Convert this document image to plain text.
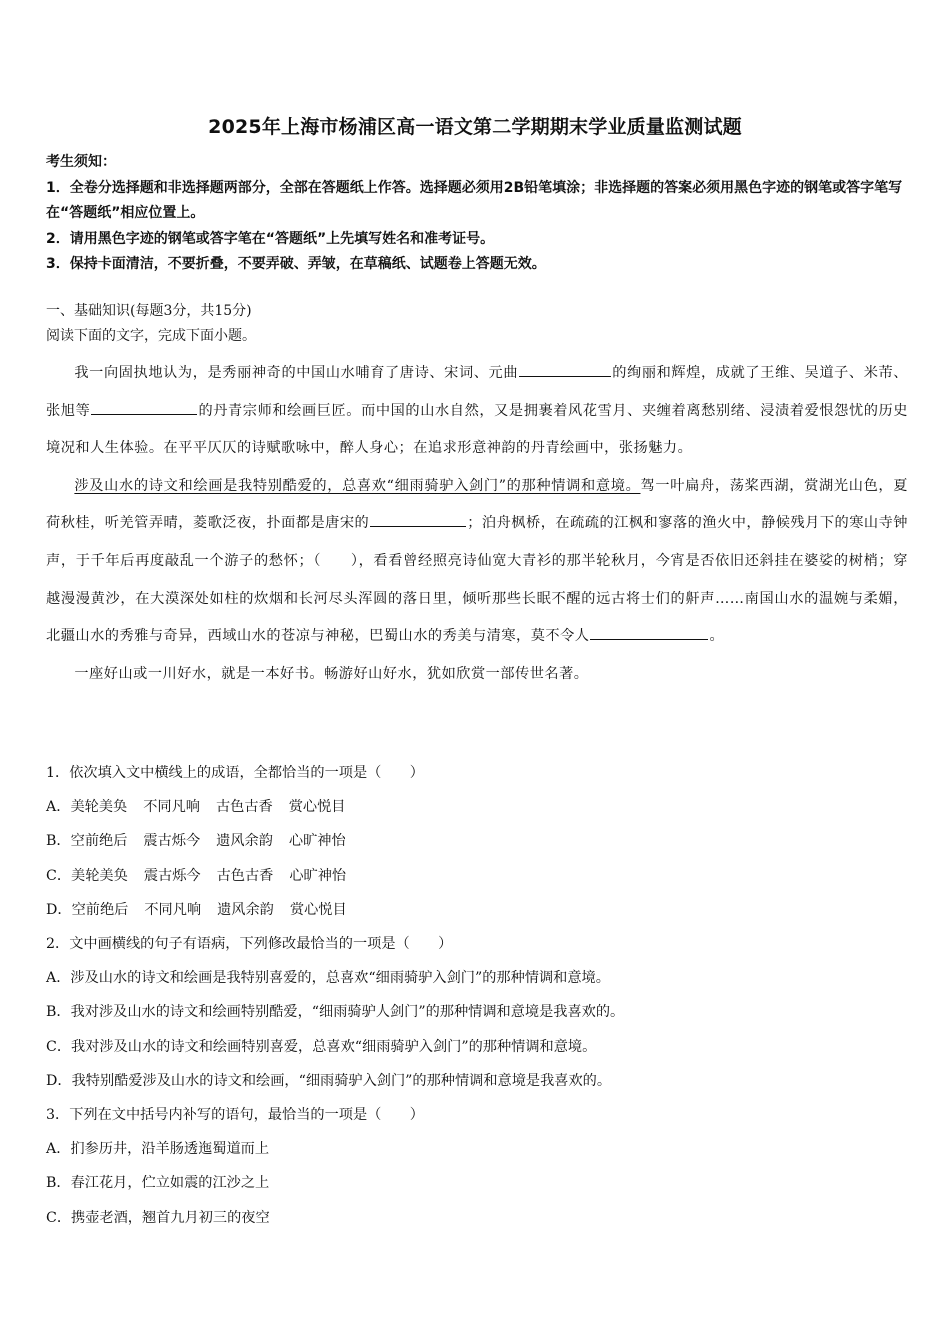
2025年上海市杨浦区高一语文第二学期期末学业质量监测试题

考生须知：

1．全卷分选择题和非选择题两部分，全部在答题纸上作答。选择题必须用2B铅笔填涂；非选择题的答案必须用黑色字迹的钢笔或答字笔写在“答题纸”相应位置上。

2．请用黑色字迹的钢笔或答字笔在“答题纸”上先填写姓名和准考证号。

3．保持卡面清洁，不要折叠，不要弄破、弄皱，在草稿纸、试题卷上答题无效。

一、基础知识(每题3分，共15分)

阅读下面的文字，完成下面小题。

我一向固执地认为，是秀丽神奇的中国山水哺育了唐诗、宋词、元曲	的绚丽和辉煌，成就了王维、吴道子、米芾、张旭等	的丹青宗师和绘画巨匠。而中国的山水自然，又是拥裹着风花雪月、夹缠着离愁别绪、浸渍着爱恨怨忧的历史境况和人生体验。在平平仄仄的诗赋歌咏中，醉人身心；在追求形意神韵的丹青绘画中，张扬魅力。

涉及山水的诗文和绘画是我特别酷爱的，总喜欢“细雨骑驴入剑门”的那种情调和意境。驾一叶扁舟，荡桨西湖，赏湖光山色，夏荷秋桂，听羌管弄晴，菱歌泛夜，扑面都是唐宋的	；泊舟枫桥，在疏疏的江枫和寥落的渔火中，静候残月下的寒山寺钟声，于千年后再度敲乱一个游子的愁怀；（　　），看看曾经照亮诗仙宽大青衫的那半轮秋月，今宵是否依旧还斜挂在婆娑的树梢；穿越漫漫黄沙，在大漠深处如柱的炊烟和长河尽头浑圆的落日里，倾听那些长眠不醒的远古将士们的鼾声……南国山水的温婉与柔媚，北疆山水的秀雅与奇异，西域山水的苍凉与神秘，巴蜀山水的秀美与清寒，莫不令人	。

一座好山或一川好水，就是一本好书。畅游好山好水，犹如欣赏一部传世名著。

1．依次填入文中横线上的成语，全都恰当的一项是（　　）

A．美轮美奂 不同凡响 古色古香 赏心悦目

B．空前绝后 震古烁今 遗风余韵 心旷神怡

C．美轮美奂 震古烁今 古色古香 心旷神怡

D．空前绝后 不同凡响 遗风余韵 赏心悦目

2．文中画横线的句子有语病，下列修改最恰当的一项是（　　）

A．涉及山水的诗文和绘画是我特别喜爱的，总喜欢“细雨骑驴入剑门”的那种情调和意境。

B．我对涉及山水的诗文和绘画特别酷爱，“细雨骑驴人剑门”的那种情调和意境是我喜欢的。

C．我对涉及山水的诗文和绘画特别喜爱，总喜欢“细雨骑驴入剑门”的那种情调和意境。

D．我特别酷爱涉及山水的诗文和绘画，“细雨骑驴入剑门”的那种情调和意境是我喜欢的。

3．下列在文中括号内补写的语句，最恰当的一项是（　　）

A．扪参历井，沿羊肠透迤蜀道而上

B．春江花月，伫立如震的江沙之上

C．携壶老酒，翘首九月初三的夜空
